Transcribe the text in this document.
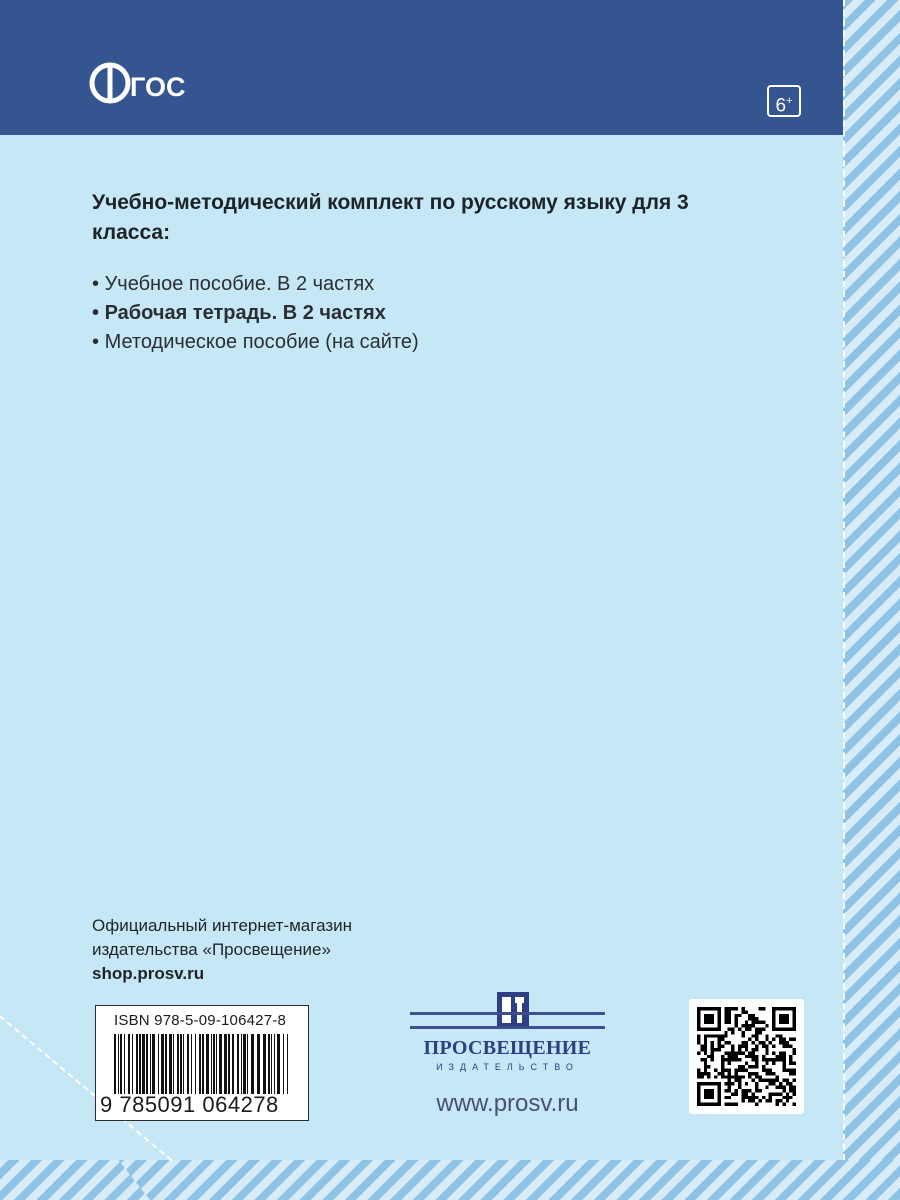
ГОС
6+
Учебно-методический комплект по русскому языку для 3 класса:
• Учебное пособие. В 2 частях
• Рабочая тетрадь. В 2 частях
• Методическое пособие (на сайте)
Официальный интернет-магазин
издательства «Просвещение»
shop.prosv.ru
ISBN 978-5-09-106427-8
9 785091 064278
ПРОСВЕЩЕНИЕ
ИЗДАТЕЛЬСТВО
www.prosv.ru
